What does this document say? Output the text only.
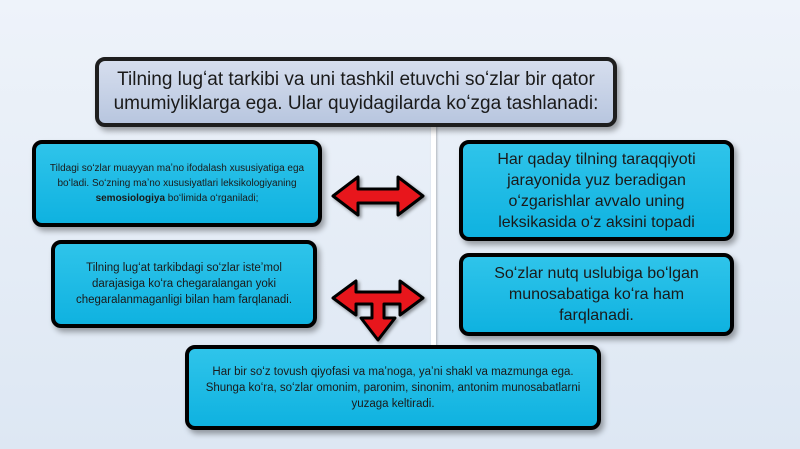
Tilning lugʻat tarkibi va uni tashkil etuvchi soʻzlar bir qator
umumiyliklarga ega. Ular quyidagilarda koʻzga tashlanadi:
Tildagi soʻzlar muayyan maʼno ifodalash xususiyatiga ega boʻladi. Soʻzning maʼno xususiyatlari leksikologiyaning semosiologiya boʻlimida oʻrganiladi;
Har qaday tilning taraqqiyoti jarayonida yuz beradigan oʻzgarishlar avvalo uning leksikasida oʻz aksini topadi
Tilning lugʻat tarkibdagi soʻzlar isteʼmol darajasiga koʻra chegaralangan yoki chegaralanmaganligi bilan ham farqlanadi.
Soʻzlar nutq uslubiga boʻlgan munosabatiga koʻra ham farqlanadi.
Har bir soʻz tovush qiyofasi va maʼnoga, yaʼni shakl va mazmunga ega. Shunga koʻra, soʻzlar omonim, paronim, sinonim, antonim munosabatlarni yuzaga keltiradi.
